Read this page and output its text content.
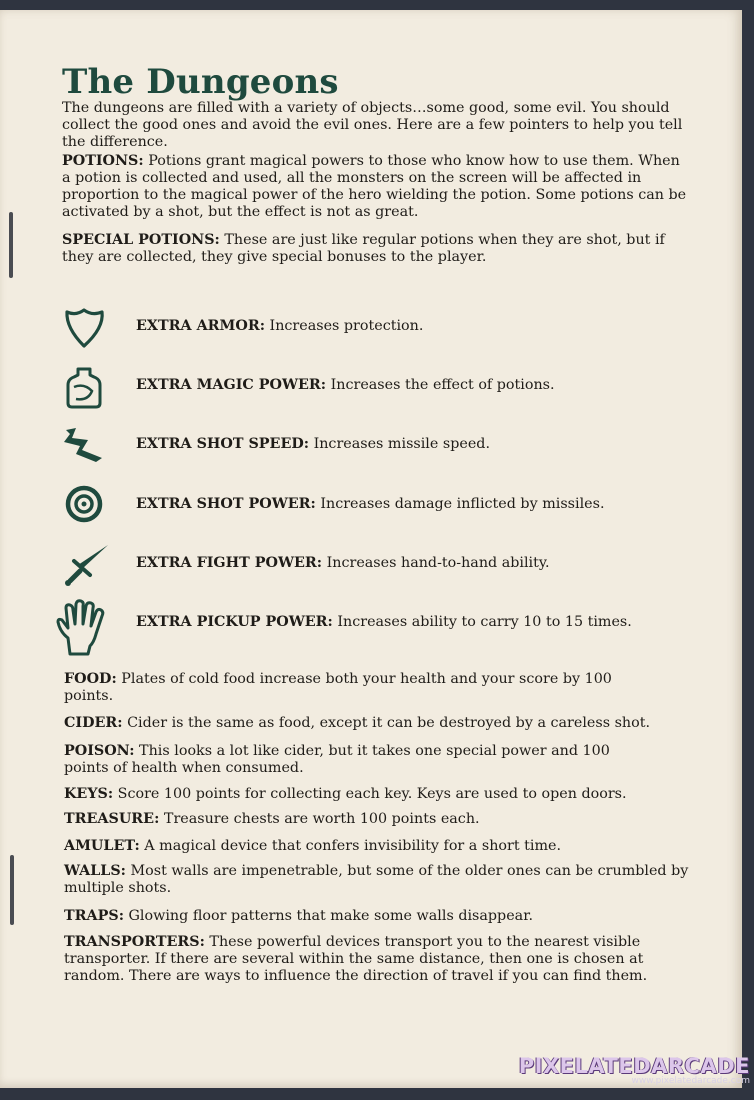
The Dungeons
The dungeons are filled with a variety of objects…some good, some evil. You should collect the good ones and avoid the evil ones. Here are a few pointers to help you tell the difference.
POTIONS: Potions grant magical powers to those who know how to use them. When a potion is collected and used, all the monsters on the screen will be affected in proportion to the magical power of the hero wielding the potion. Some potions can be activated by a shot, but the effect is not as great.
SPECIAL POTIONS: These are just like regular potions when they are shot, but if they are collected, they give special bonuses to the player.
EXTRA ARMOR: Increases protection.
EXTRA MAGIC POWER: Increases the effect of potions.
EXTRA SHOT SPEED: Increases missile speed.
EXTRA SHOT POWER: Increases damage inflicted by missiles.
EXTRA FIGHT POWER: Increases hand-to-hand ability.
EXTRA PICKUP POWER: Increases ability to carry 10 to 15 times.
FOOD: Plates of cold food increase both your health and your score by 100 points.
CIDER: Cider is the same as food, except it can be destroyed by a careless shot.
POISON: This looks a lot like cider, but it takes one special power and 100 points of health when consumed.
KEYS: Score 100 points for collecting each key. Keys are used to open doors.
TREASURE: Treasure chests are worth 100 points each.
AMULET: A magical device that confers invisibility for a short time.
WALLS: Most walls are impenetrable, but some of the older ones can be crumbled by multiple shots.
TRAPS: Glowing floor patterns that make some walls disappear.
TRANSPORTERS: These powerful devices transport you to the nearest visible transporter. If there are several within the same distance, then one is chosen at random. There are ways to influence the direction of travel if you can find them.
PIXELATEDARCADE
www.pixelatedarcade.com
